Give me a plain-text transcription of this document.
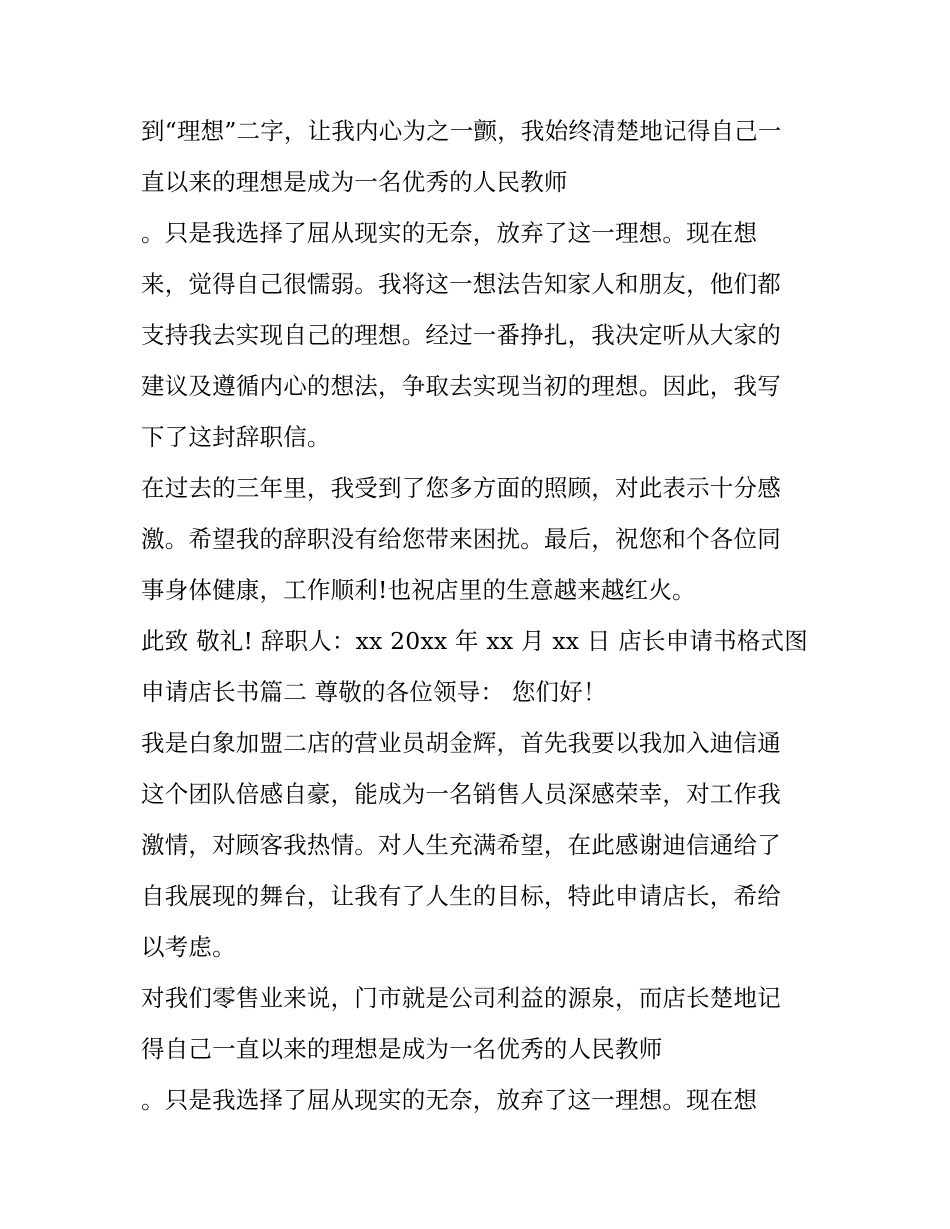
到“理想”二字，让我内心为之一颤，我始终清楚地记得自己一
直以来的理想是成为一名优秀的人民教师
。只是我选择了屈从现实的无奈，放弃了这一理想。现在想
来，觉得自己很懦弱。我将这一想法告知家人和朋友，他们都
支持我去实现自己的理想。经过一番挣扎，我决定听从大家的
建议及遵循内心的想法，争取去实现当初的理想。因此，我写
下了这封辞职信。
在过去的三年里，我受到了您多方面的照顾，对此表示十分感
激。希望我的辞职没有给您带来困扰。最后，祝您和个各位同
事身体健康，工作顺利!也祝店里的生意越来越红火。
此致 敬礼! 辞职人：xx 20xx 年 xx 月 xx 日 店长申请书格式图
申请店长书篇二 尊敬的各位领导： 您们好！
我是白象加盟二店的营业员胡金辉，首先我要以我加入迪信通
这个团队倍感自豪，能成为一名销售人员深感荣幸，对工作我
激情，对顾客我热情。对人生充满希望，在此感谢迪信通给了
自我展现的舞台，让我有了人生的目标，特此申请店长，希给
以考虑。
对我们零售业来说，门市就是公司利益的源泉，而店长楚地记
得自己一直以来的理想是成为一名优秀的人民教师
。只是我选择了屈从现实的无奈，放弃了这一理想。现在想
